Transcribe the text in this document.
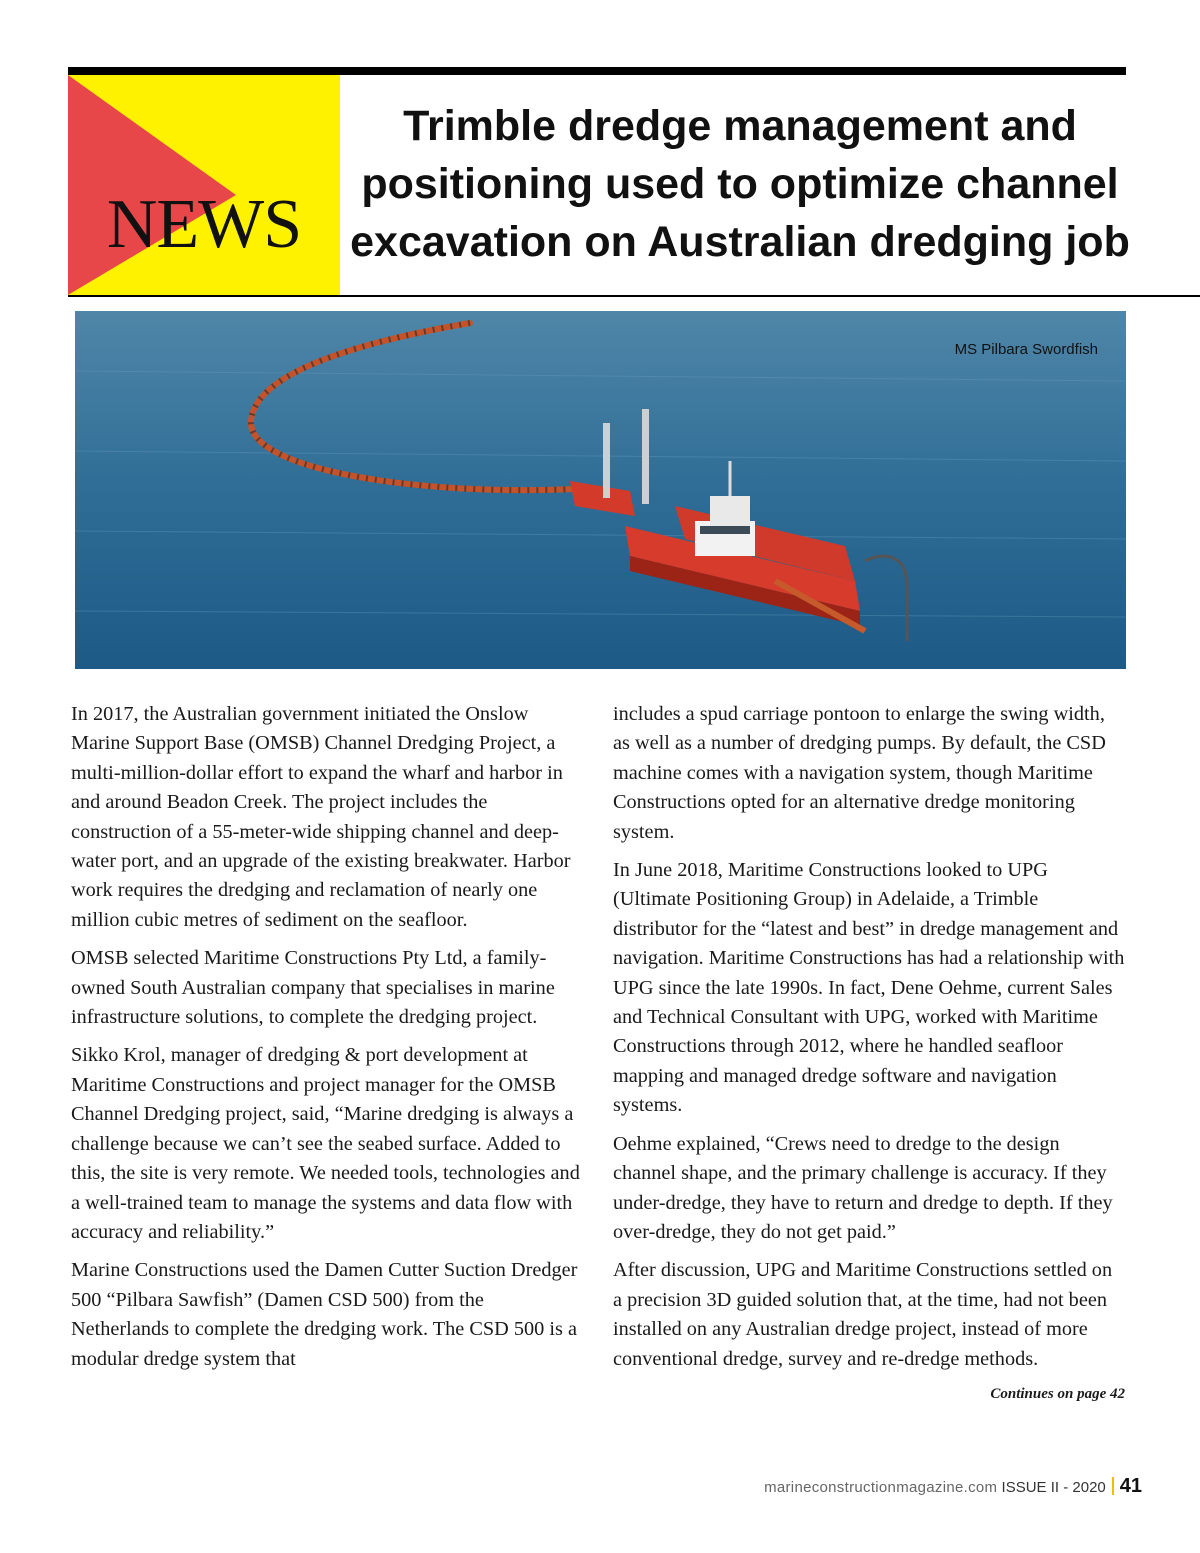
NEWS
Trimble dredge management and positioning used to optimize channel excavation on Australian dredging job
MS Pilbara Swordfish

In 2017, the Australian government initiated the Onslow Marine Support Base (OMSB) Channel Dredging Project, a multi-million-dollar effort to expand the wharf and harbor in and around Beadon Creek. The project includes the construction of a 55-meter-wide shipping channel and deep-water port, and an upgrade of the existing breakwater. Harbor work requires the dredging and reclamation of nearly one million cubic metres of sediment on the seafloor.

OMSB selected Maritime Constructions Pty Ltd, a family-owned South Australian company that specialises in marine infrastructure solutions, to complete the dredging project.

Sikko Krol, manager of dredging & port development at Maritime Constructions and project manager for the OMSB Channel Dredging project, said, “Marine dredging is always a challenge because we can’t see the seabed surface. Added to this, the site is very remote. We needed tools, technologies and a well-trained team to manage the systems and data flow with accuracy and reliability.”

Marine Constructions used the Damen Cutter Suction Dredger 500 “Pilbara Sawfish” (Damen CSD 500) from the Netherlands to complete the dredging work. The CSD 500 is a modular dredge system that

includes a spud carriage pontoon to enlarge the swing width, as well as a number of dredging pumps. By default, the CSD machine comes with a navigation system, though Maritime Constructions opted for an alternative dredge monitoring system.

In June 2018, Maritime Constructions looked to UPG (Ultimate Positioning Group) in Adelaide, a Trimble distributor for the “latest and best” in dredge management and navigation. Maritime Constructions has had a relationship with UPG since the late 1990s. In fact, Dene Oehme, current Sales and Technical Consultant with UPG, worked with Maritime Constructions through 2012, where he handled seafloor mapping and managed dredge software and navigation systems.

Oehme explained, “Crews need to dredge to the design channel shape, and the primary challenge is accuracy. If they under-dredge, they have to return and dredge to depth. If they over-dredge, they do not get paid.”

After discussion, UPG and Maritime Constructions settled on a precision 3D guided solution that, at the time, had not been installed on any Australian dredge project, instead of more conventional dredge, survey and re-dredge methods.
Continues on page 42

marineconstructionmagazine.com ISSUE II - 2020 41
